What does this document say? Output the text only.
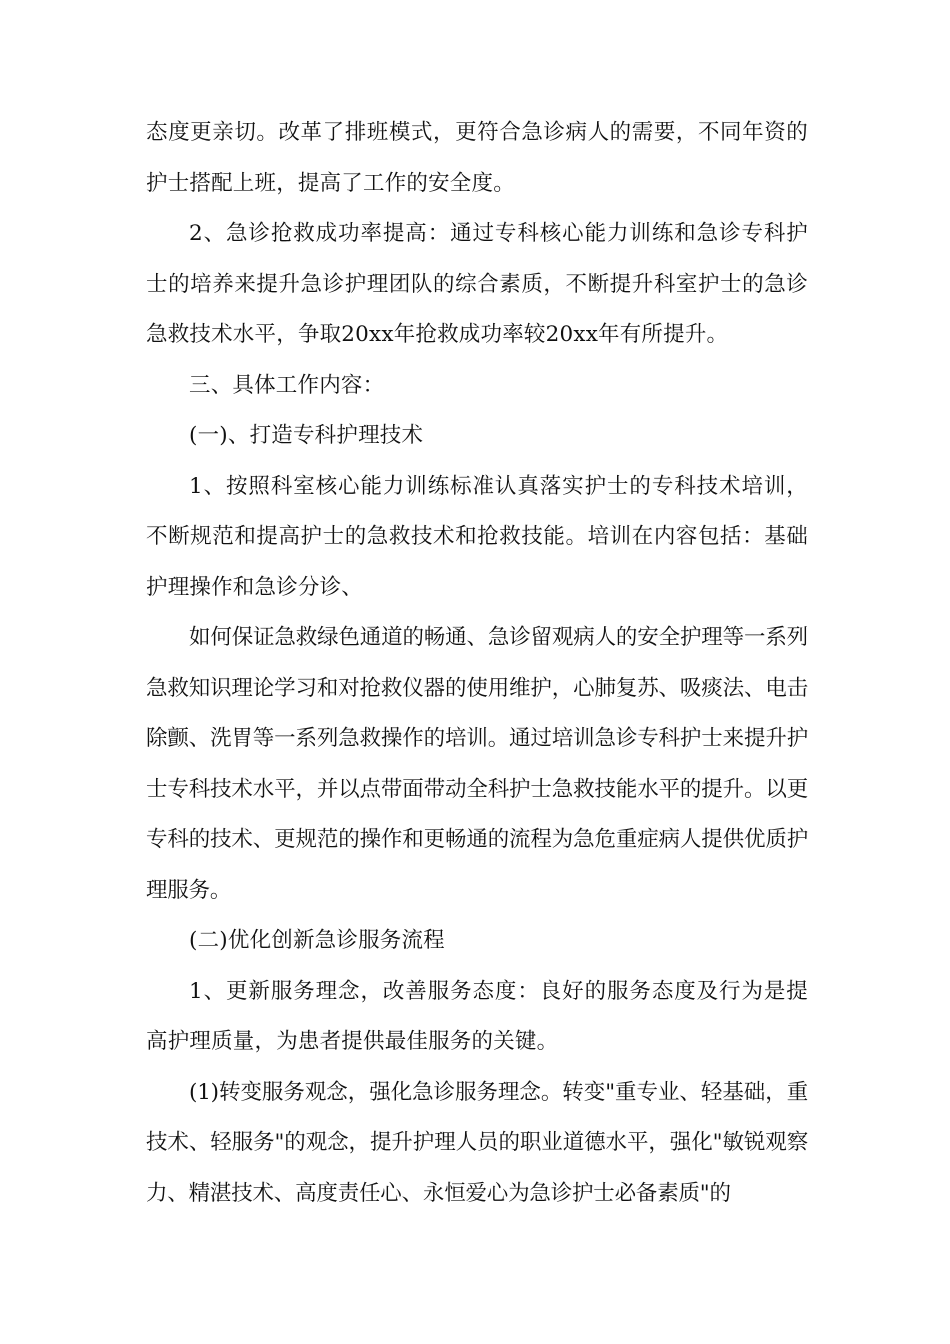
态度更亲切。改革了排班模式，更符合急诊病人的需要，不同年资的护士搭配上班，提高了工作的安全度。

2、急诊抢救成功率提高：通过专科核心能力训练和急诊专科护士的培养来提升急诊护理团队的综合素质，不断提升科室护士的急诊急救技术水平，争取20xx年抢救成功率较20xx年有所提升。

三、具体工作内容：

(一)、打造专科护理技术

1、按照科室核心能力训练标准认真落实护士的专科技术培训，不断规范和提高护士的急救技术和抢救技能。培训在内容包括：基础护理操作和急诊分诊、

如何保证急救绿色通道的畅通、急诊留观病人的安全护理等一系列急救知识理论学习和对抢救仪器的使用维护，心肺复苏、吸痰法、电击除颤、洗胃等一系列急救操作的培训。通过培训急诊专科护士来提升护士专科技术水平，并以点带面带动全科护士急救技能水平的提升。以更专科的技术、更规范的操作和更畅通的流程为急危重症病人提供优质护理服务。

(二)优化创新急诊服务流程

1、更新服务理念，改善服务态度：良好的服务态度及行为是提高护理质量，为患者提供最佳服务的关键。

(1)转变服务观念，强化急诊服务理念。转变"重专业、轻基础，重技术、轻服务"的观念，提升护理人员的职业道德水平，强化"敏锐观察力、精湛技术、高度责任心、永恒爱心为急诊护士必备素质"的
